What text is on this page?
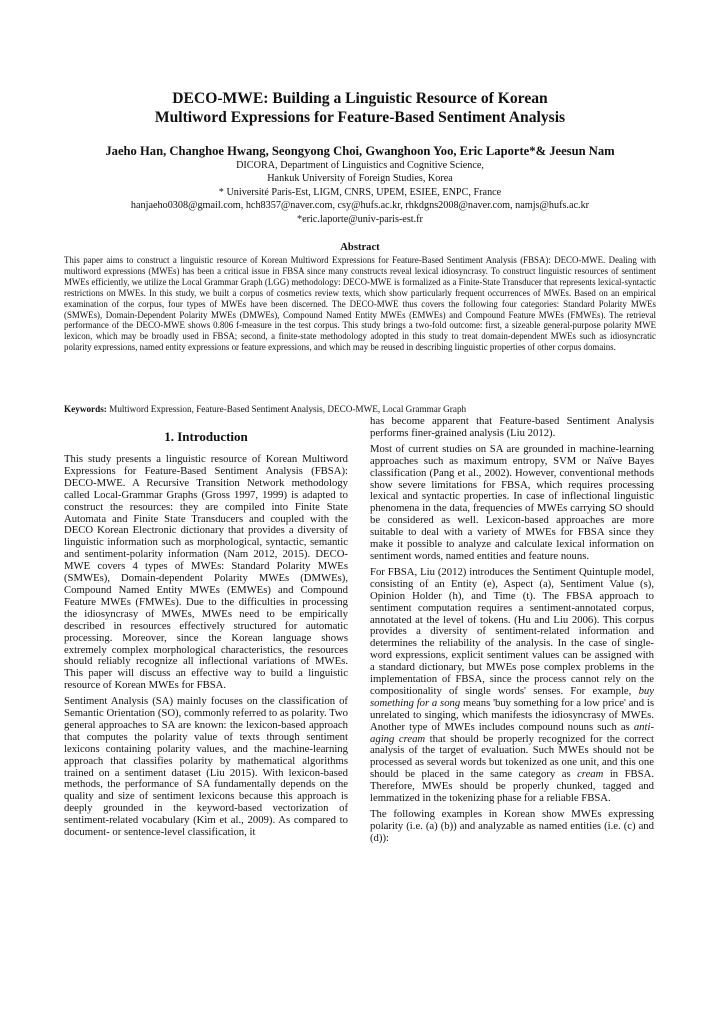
DECO-MWE: Building a Linguistic Resource of Korean
Multiword Expressions for Feature-Based Sentiment Analysis
Jaeho Han, Changhoe Hwang, Seongyong Choi, Gwanghoon Yoo, Eric Laporte*& Jeesun Nam
DICORA, Department of Linguistics and Cognitive Science,
Hankuk University of Foreign Studies, Korea
* Université Paris-Est, LIGM, CNRS, UPEM, ESIEE, ENPC, France
hanjaeho0308@gmail.com, hch8357@naver.com, csy@hufs.ac.kr, rhkdgns2008@naver.com, namjs@hufs.ac.kr
*eric.laporte@univ-paris-est.fr
Abstract
This paper aims to construct a linguistic resource of Korean Multiword Expressions for Feature-Based Sentiment Analysis (FBSA): DECO-MWE. Dealing with multiword expressions (MWEs) has been a critical issue in FBSA since many constructs reveal lexical idiosyncrasy. To construct linguistic resources of sentiment MWEs efficiently, we utilize the Local Grammar Graph (LGG) methodology: DECO-MWE is formalized as a Finite-State Transducer that represents lexical-syntactic restrictions on MWEs. In this study, we built a corpus of cosmetics review texts, which show particularly frequent occurrences of MWEs. Based on an empirical examination of the corpus, four types of MWEs have been discerned. The DECO-MWE thus covers the following four categories: Standard Polarity MWEs (SMWEs), Domain-Dependent Polarity MWEs (DMWEs), Compound Named Entity MWEs (EMWEs) and Compound Feature MWEs (FMWEs). The retrieval performance of the DECO-MWE shows 0.806 f-measure in the test corpus. This study brings a two-fold outcome: first, a sizeable general-purpose polarity MWE lexicon, which may be broadly used in FBSA; second, a finite-state methodology adopted in this study to treat domain-dependent MWEs such as idiosyncratic polarity expressions, named entity expressions or feature expressions, and which may be reused in describing linguistic properties of other corpus domains.
Keywords: Multiword Expression, Feature-Based Sentiment Analysis, DECO-MWE, Local Grammar Graph
1. Introduction

This study presents a linguistic resource of Korean Multiword Expressions for Feature-Based Sentiment Analysis (FBSA): DECO-MWE. A Recursive Transition Network methodology called Local-Grammar Graphs (Gross 1997, 1999) is adapted to construct the resources: they are compiled into Finite State Automata and Finite State Transducers and coupled with the DECO Korean Electronic dictionary that provides a diversity of linguistic information such as morphological, syntactic, semantic and sentiment-polarity information (Nam 2012, 2015). DECO-MWE covers 4 types of MWEs: Standard Polarity MWEs (SMWEs), Domain-dependent Polarity MWEs (DMWEs), Compound Named Entity MWEs (EMWEs) and Compound Feature MWEs (FMWEs). Due to the difficulties in processing the idiosyncrasy of MWEs, MWEs need to be empirically described in resources effectively structured for automatic processing. Moreover, since the Korean language shows extremely complex morphological characteristics, the resources should reliably recognize all inflectional variations of MWEs. This paper will discuss an effective way to build a linguistic resource of Korean MWEs for FBSA.

Sentiment Analysis (SA) mainly focuses on the classification of Semantic Orientation (SO), commonly referred to as polarity. Two general approaches to SA are known: the lexicon-based approach that computes the polarity value of texts through sentiment lexicons containing polarity values, and the machine-learning approach that classifies polarity by mathematical algorithms trained on a sentiment dataset (Liu 2015). With lexicon-based methods, the performance of SA fundamentally depends on the quality and size of sentiment lexicons because this approach is deeply grounded in the keyword-based vectorization of sentiment-related vocabulary (Kim et al., 2009). As compared to document- or sentence-level classification, it

has become apparent that Feature-based Sentiment Analysis performs finer-grained analysis (Liu 2012).

Most of current studies on SA are grounded in machine-learning approaches such as maximum entropy, SVM or Naïve Bayes classification (Pang et al., 2002). However, conventional methods show severe limitations for FBSA, which requires processing lexical and syntactic properties. In case of inflectional linguistic phenomena in the data, frequencies of MWEs carrying SO should be considered as well. Lexicon-based approaches are more suitable to deal with a variety of MWEs for FBSA since they make it possible to analyze and calculate lexical information on sentiment words, named entities and feature nouns.

For FBSA, Liu (2012) introduces the Sentiment Quintuple model, consisting of an Entity (e), Aspect (a), Sentiment Value (s), Opinion Holder (h), and Time (t). The FBSA approach to sentiment computation requires a sentiment-annotated corpus, annotated at the level of tokens. (Hu and Liu 2006). This corpus provides a diversity of sentiment-related information and determines the reliability of the analysis. In the case of single-word expressions, explicit sentiment values can be assigned with a standard dictionary, but MWEs pose complex problems in the implementation of FBSA, since the process cannot rely on the compositionality of single words' senses. For example, buy something for a song means 'buy something for a low price' and is unrelated to singing, which manifests the idiosyncrasy of MWEs. Another type of MWEs includes compound nouns such as anti-aging cream that should be properly recognized for the correct analysis of the target of evaluation. Such MWEs should not be processed as several words but tokenized as one unit, and this one should be placed in the same category as cream in FBSA. Therefore, MWEs should be properly chunked, tagged and lemmatized in the tokenizing phase for a reliable FBSA.

The following examples in Korean show MWEs expressing polarity (i.e. (a) (b)) and analyzable as named entities (i.e. (c) and (d)):
